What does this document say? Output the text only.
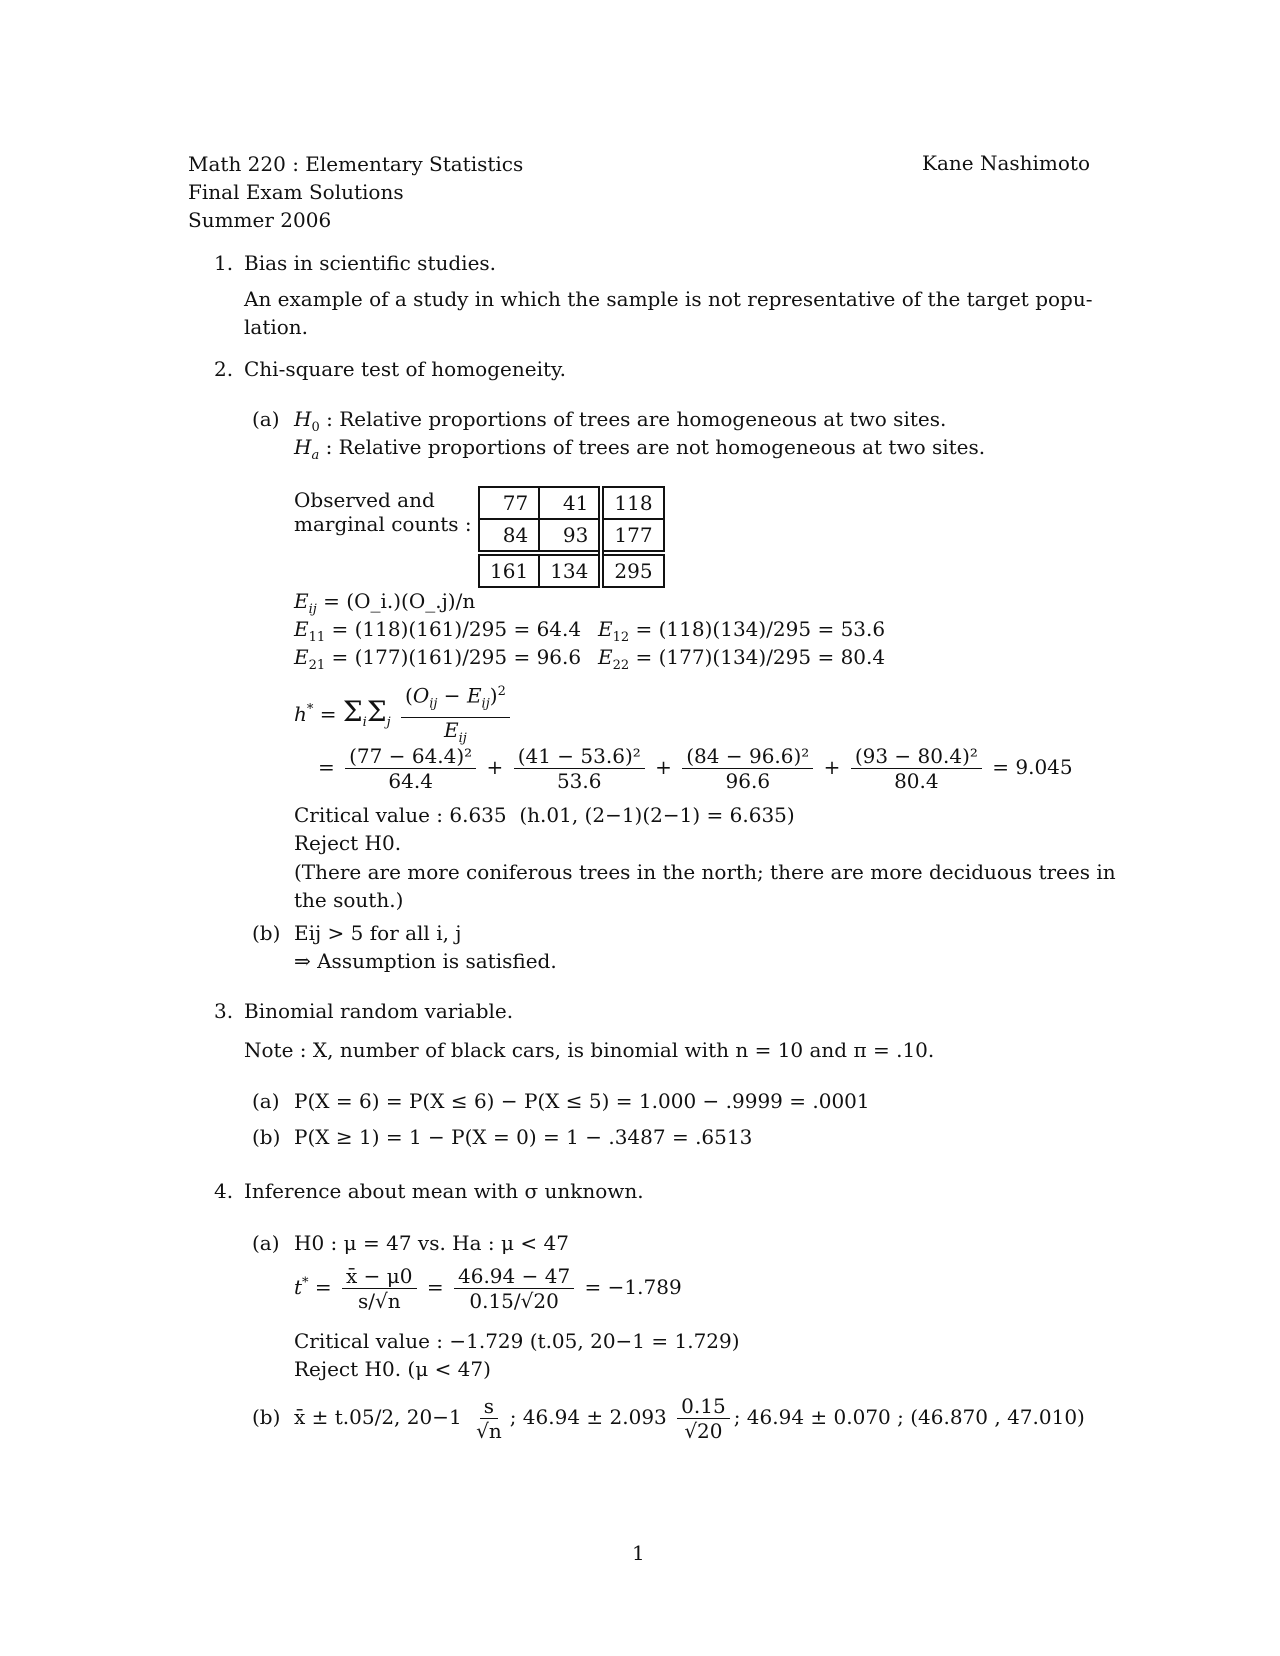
Math 220 : Elementary Statistics
Final Exam Solutions
Summer 2006
Kane Nashimoto
1. Bias in scientific studies.
An example of a study in which the sample is not representative of the target popu-
lation.
2. Chi-square test of homogeneity.
(a) $H_0$ : Relative proportions of trees are homogeneous at two sites.
$H_a$ : Relative proportions of trees are not homogeneous at two sites.
Observed and
marginal counts :
77	41	118
84	93	177
161	134	295
$E_{ij}$ = (O_i.)(O_.j)/n
$E_{11} = (118)(161)/295 = 64.4$ $E_{12} = (118)(134)/295 = 53.6$
$E_{21} = (177)(161)/295 = 96.6$ $E_{22} = (177)(134)/295 = 80.4$
$h^* = \Sigma_i\Sigma_j \frac{(O_{ij} - E_{ij})^2}{E_{ij}}$
= $\frac{\text{(77 − 64.4)²}}{64.4} + \frac{\text{(41 − 53.6)²}}{53.6} + \frac{\text{(84 − 96.6)²}}{96.6} + \frac{\text{(93 − 80.4)²}}{80.4} = 9.045$
Critical value : 6.635 (h.01, (2−1)(2−1) = 6.635)
Reject H0.
(There are more coniferous trees in the north; there are more deciduous trees in
the south.)
(b) Eij > 5 for all i, j
⇒ Assumption is satisfied.
3. Binomial random variable.
Note : X, number of black cars, is binomial with n = 10 and π = .10.
(a) P(X = 6) = P(X ≤ 6) − P(X ≤ 5) = 1.000 − .9999 = .0001
(b) P(X ≥ 1) = 1 − P(X = 0) = 1 − .3487 = .6513
4. Inference about mean with σ unknown.
(a) H0 : μ = 47 vs. Ha : μ < 47
$t^* = \frac{x̄ - \mu 0}{s/√n} = \frac{46.94 - 47}{0.15/√20} = -1.789$
Critical value : −1.729 (t.05, 20−1 = 1.729)
Reject H0. (μ < 47)
(b) x̄ ± t.05/2, $20-1 \frac{s}{√n}$ ; $46.94 \pm 2.093 \frac{0.15}{√20}$ ; 46.94 ± 0.070 ; (46.870 , 47.010)
1
